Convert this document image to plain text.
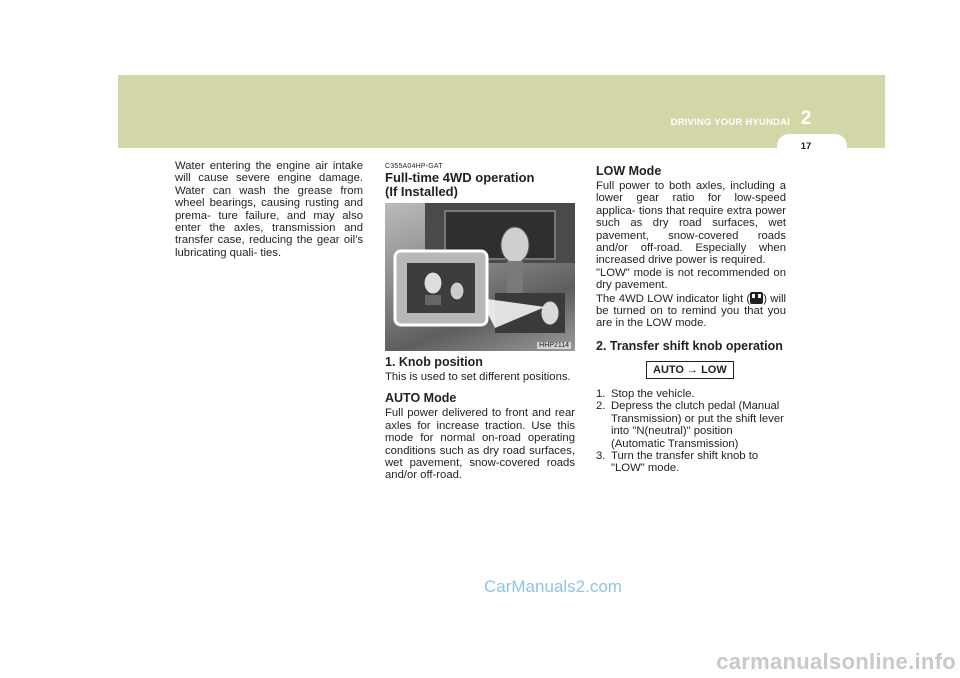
DRIVING YOUR HYUNDAI 2
17

Water entering the engine air intake will cause severe engine damage. Water can wash the grease from wheel bearings, causing rusting and prema- ture failure, and may also enter the axles, transmission and transfer case, reducing the gear oil's lubricating quali- ties.

C355A04HP-GAT

Full-time 4WD operation
(If Installed)
HHP2114
1. Knob position

This is used to set different positions.

AUTO Mode

Full power delivered to front and rear axles for increase traction. Use this mode for normal on-road operating conditions such as dry road surfaces, wet pavement, snow-covered roads and/or off-road.

LOW Mode

Full power to both axles, including a lower gear ratio for low-speed applica- tions that require extra power such as dry road surfaces, wet pavement, snow-covered roads and/or off-road. Especially when increased drive power is required.

"LOW" mode is not recommended on dry pavement.

The 4WD LOW indicator light ( ) will be turned on to remind you that you are in the LOW mode.

2. Transfer shift knob operation
AUTO → LOW
1. Stop the vehicle.
2. Depress the clutch pedal (Manual Transmission) or put the shift lever into "N(neutral)" position (Automatic Transmission)
3. Turn the transfer shift knob to "LOW" mode.
CarManuals2.com
carmanualsonline.info
